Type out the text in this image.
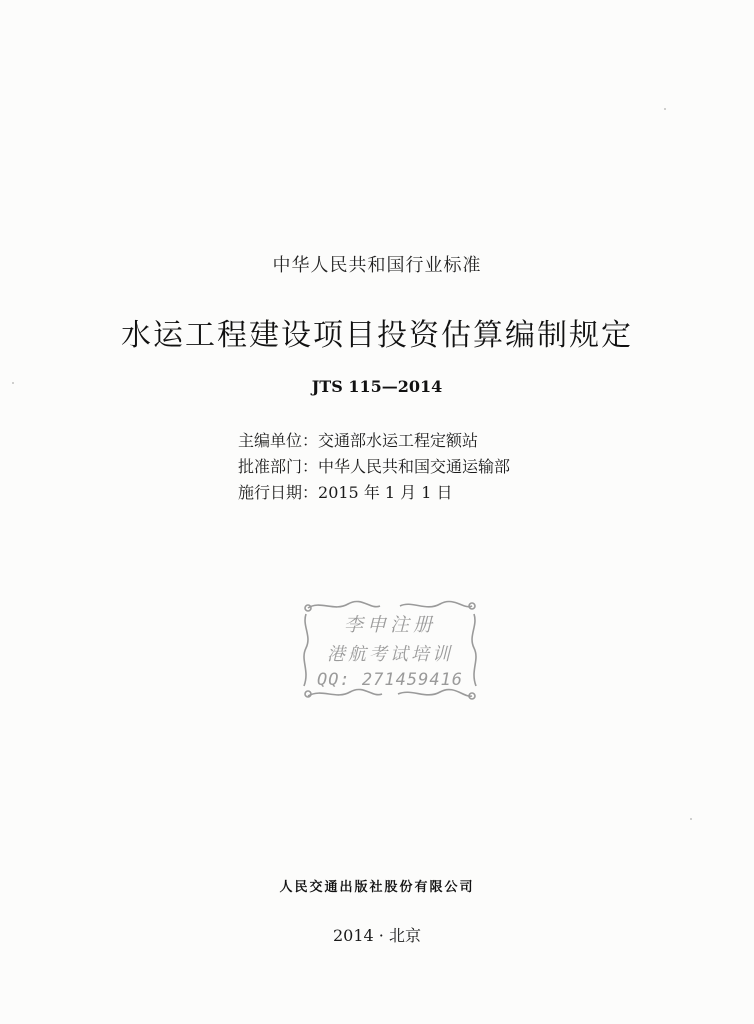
中华人民共和国行业标准
水运工程建设项目投资估算编制规定
JTS 115—2014
主编单位：交通部水运工程定额站
批准部门：中华人民共和国交通运输部
施行日期：2015 年 1 月 1 日
李申注册
港航考试培训
QQ: 271459416
人民交通出版社股份有限公司
2014 · 北京
